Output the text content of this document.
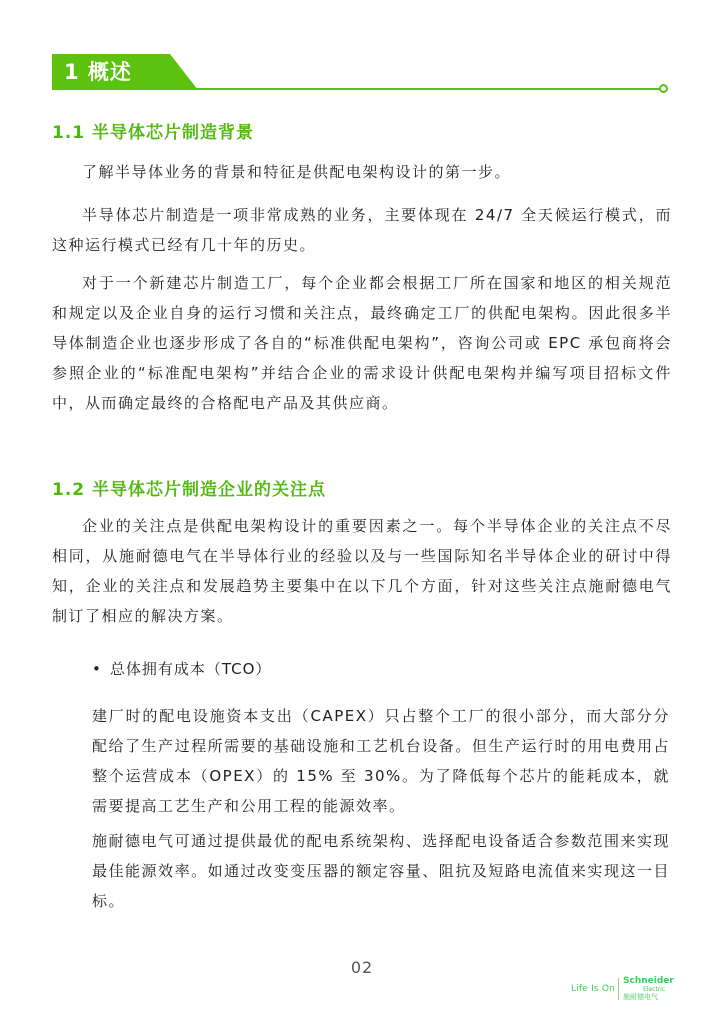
1 概述
1.1 半导体芯片制造背景

了解半导体业务的背景和特征是供配电架构设计的第一步。

半导体芯片制造是一项非常成熟的业务，主要体现在 24/7 全天候运行模式，而这种运行模式已经有几十年的历史。

对于一个新建芯片制造工厂，每个企业都会根据工厂所在国家和地区的相关规范和规定以及企业自身的运行习惯和关注点，最终确定工厂的供配电架构。因此很多半导体制造企业也逐步形成了各自的“标准供配电架构”，咨询公司或 EPC 承包商将会参照企业的“标准配电架构”并结合企业的需求设计供配电架构并编写项目招标文件中，从而确定最终的合格配电产品及其供应商。

1.2 半导体芯片制造企业的关注点

企业的关注点是供配电架构设计的重要因素之一。每个半导体企业的关注点不尽相同，从施耐德电气在半导体行业的经验以及与一些国际知名半导体企业的研讨中得知，企业的关注点和发展趋势主要集中在以下几个方面，针对这些关注点施耐德电气制订了相应的解决方案。

• 总体拥有成本（TCO）

建厂时的配电设施资本支出（CAPEX）只占整个工厂的很小部分，而大部分分配给了生产过程所需要的基础设施和工艺机台设备。但生产运行时的用电费用占整个运营成本（OPEX）的 15% 至 30%。为了降低每个芯片的能耗成本，就需要提高工艺生产和公用工程的能源效率。

施耐德电气可通过提供最优的配电系统架构、选择配电设备适合参数范围来实现最佳能源效率。如通过改变变压器的额定容量、阻抗及短路电流值来实现这一目标。

02
Life Is On
Schneider
Electric
施耐德电气
